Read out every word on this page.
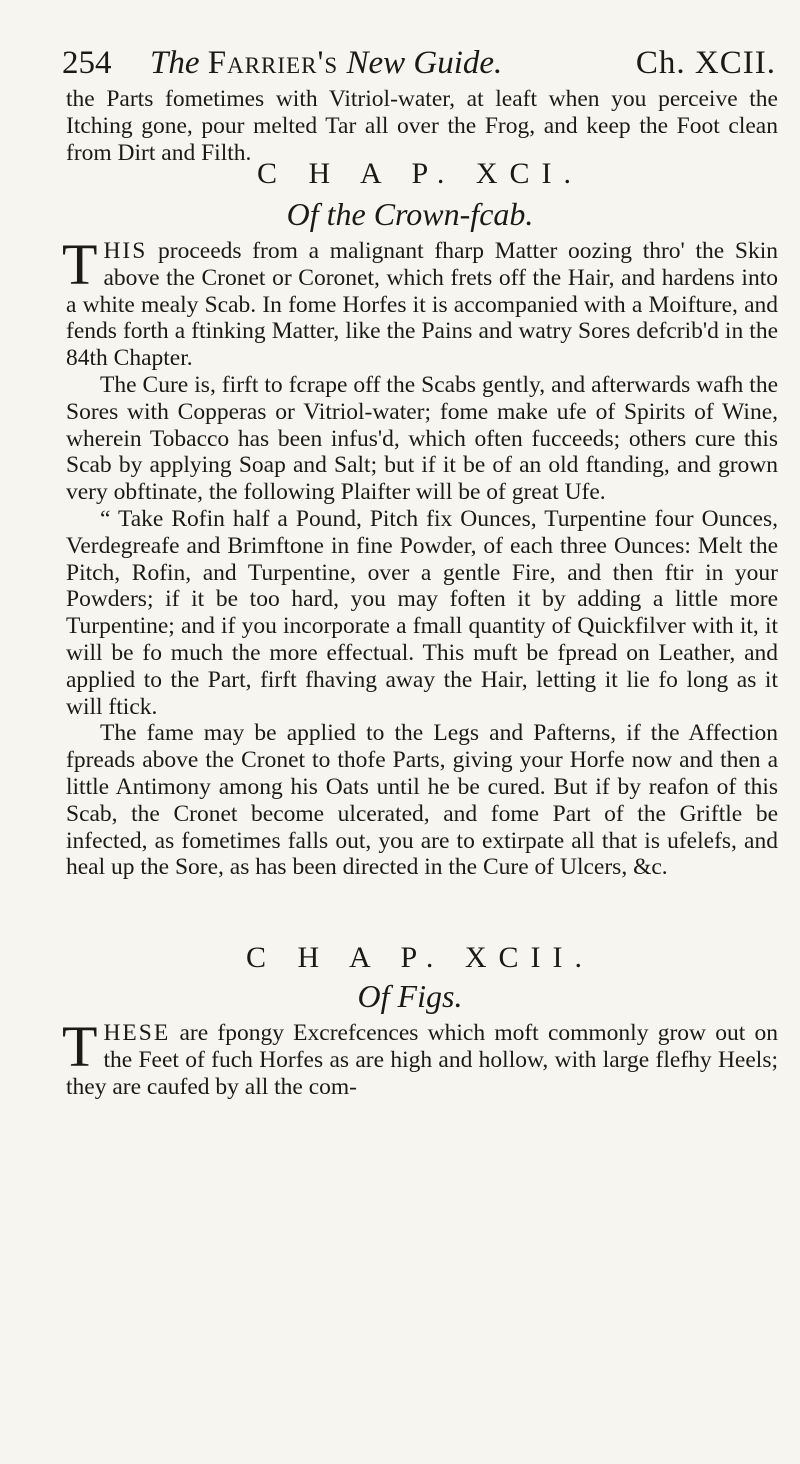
254 The Farrier's New Guide.	Ch. XCII.

the Parts fometimes with Vitriol-water, at leaft when you perceive the Itching gone, pour melted Tar all over the Frog, and keep the Foot clean from Dirt and Filth.

C H A P. XCI.
Of the Crown-fcab.

THIS proceeds from a malignant fharp Matter oozing thro' the Skin above the Cronet or Coronet, which frets off the Hair, and hardens into a white mealy Scab. In fome Horfes it is accompanied with a Moifture, and fends forth a ftinking Matter, like the Pains and watry Sores defcrib'd in the 84th Chapter.

The Cure is, firft to fcrape off the Scabs gently, and afterwards wafh the Sores with Copperas or Vitriol-water; fome make ufe of Spirits of Wine, wherein Tobacco has been infus'd, which often fucceeds; others cure this Scab by applying Soap and Salt; but if it be of an old ftanding, and grown very obftinate, the following Plaifter will be of great Ufe.

“ Take Rofin half a Pound, Pitch fix Ounces, Turpentine four Ounces, Verdegreafe and Brimftone in fine Powder, of each three Ounces: Melt the Pitch, Rofin, and Turpentine, over a gentle Fire, and then ftir in your Powders; if it be too hard, you may foften it by adding a little more Turpentine; and if you incorporate a fmall quantity of Quickfilver with it, it will be fo much the more effectual. This muft be fpread on Leather, and applied to the Part, firft fhaving away the Hair, letting it lie fo long as it will ftick.

The fame may be applied to the Legs and Pafterns, if the Affection fpreads above the Cronet to thofe Parts, giving your Horfe now and then a little Antimony among his Oats until he be cured. But if by reafon of this Scab, the Cronet become ulcerated, and fome Part of the Griftle be infected, as fometimes falls out, you are to extirpate all that is ufelefs, and heal up the Sore, as has been directed in the Cure of Ulcers, &c.

C H A P. XCII.
Of Figs.

THESE are fpongy Excrefcences which moft commonly grow out on the Feet of fuch Horfes as are high and hollow, with large flefhy Heels; they are caufed by all the com-
